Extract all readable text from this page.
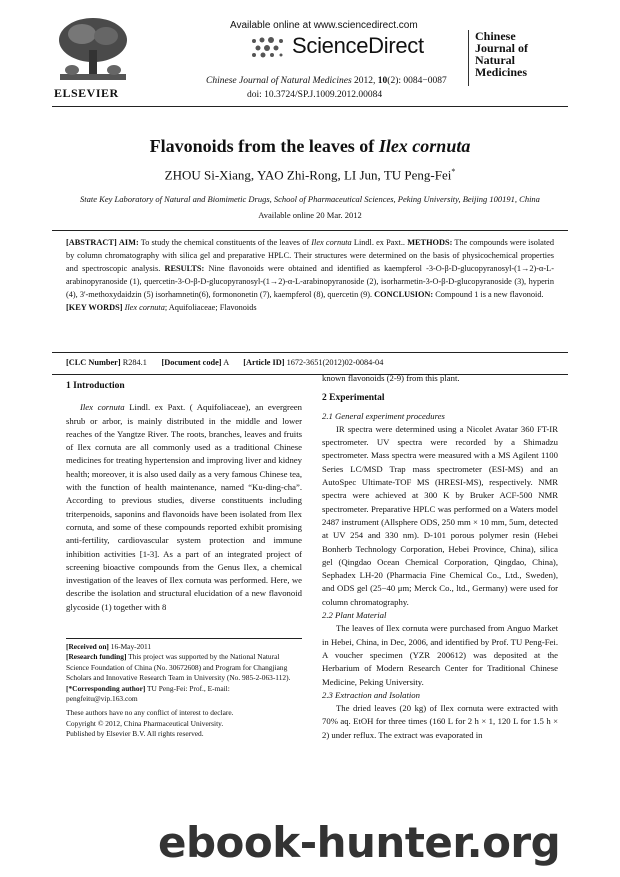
ELSEVIER
Available online at www.sciencedirect.com
ScienceDirect
Chinese Journal of Natural Medicines 2012, 10(2): 0084−0087
doi: 10.3724/SP.J.1009.2012.00084
Chinese
Journal of
Natural
Medicines
Flavonoids from the leaves of Ilex cornuta
ZHOU Si-Xiang, YAO Zhi-Rong, LI Jun, TU Peng-Fei*
State Key Laboratory of Natural and Biomimetic Drugs, School of Pharmaceutical Sciences, Peking University, Beijing 100191, China
Available online 20 Mar. 2012
[ABSTRACT] AIM: To study the chemical constituents of the leaves of Ilex cornuta Lindl. ex Paxt.. METHODS: The compounds were isolated by column chromatography with silica gel and preparative HPLC. Their structures were determined on the basis of physicochemical properties and spectroscopic analysis. RESULTS: Nine flavonoids were obtained and identified as kaempferol -3-O-β-D-glucopyranosyl-(1→2)-α-L-arabinopyranoside (1), quercetin-3-O-β-D-glucopyranosyl-(1→2)-α-L-arabinopyranoside (2), isorharmetin-3-O-β-D-glucopyranoside (3), hyperin (4), 3'-methoxydaidzin (5) isorhamnetin(6), formononetin (7), kaempferol (8), quercetin (9). CONCLUSION: Compound 1 is a new flavonoid.
[KEY WORDS] Ilex cornuta; Aquifoliaceae; Flavonoids
[CLC Number] R284.1 [Document code] A [Article ID] 1672-3651(2012)02-0084-04
1 Introduction

Ilex cornuta Lindl. ex Paxt. ( Aquifoliaceae), an evergreen shrub or arbor, is mainly distributed in the middle and lower reaches of the Yangtze River. The roots, branches, leaves and fruits of Ilex cornuta are all commonly used as a traditional Chinese medicines for treating hypertension and improving liver and kidney health; moreover, it is also used daily as a very famous Chinese tea, with the function of health maintenance, named “Ku-ding-cha”. According to previous studies, diverse constituents including triterpenoids, saponins and flavonoids have been isolated from Ilex cornuta, and some of these compounds reported exhibit promising anti-fertility, cardiovascular system protection and immune inhibition activities [1-3]. As a part of an integrated project of screening bioactive compounds from the Genus Ilex, a chemical investigation of the leaves of Ilex cornuta was performed. Here, we describe the isolation and structural elucidation of a new flavonoid glycoside (1) together with 8

[Received on] 16-May-2011
[Research funding] This project was supported by the National Natural Science Foundation of China (No. 30672608) and Program for Changjiang Scholars and Innovative Research Team in University (No. 985-2-063-112).
[*Corresponding author] TU Peng-Fei: Prof., E-mail: pengfeitu@vip.163.com
These authors have no any conflict of interest to declare.
Copyright © 2012, China Pharmaceutical University.
Published by Elsevier B.V. All rights reserved.
known flavonoids (2-9) from this plant.
2 Experimental
2.1 General experiment procedures

IR spectra were determined using a Nicolet Avatar 360 FT-IR spectrometer. UV spectra were recorded by a Shimadzu spectrometer. Mass spectra were measured with a MS Agilent 1100 Series LC/MSD Trap mass spectrometer (ESI-MS) and an AutoSpec Ultimate-TOF MS (HRESI-MS), respectively. NMR spectra were achieved at 300 K by Bruker ACF-500 NMR spectrometer. Preparative HPLC was performed on a Waters model 2487 instrument (Allsphere ODS, 250 mm × 10 mm, 5um, detected at UV 254 and 330 nm). D-101 porous polymer resin (Hebei Bonherb Technology Corporation, Hebei Province, China), silica gel (Qingdao Ocean Chemical Corporation, Qingdao, China), Sephadex LH-20 (Pharmacia Fine Chemical Co., Ltd., Sweden), and ODS gel (25−40 μm; Merck Co., ltd., Germany) were used for column chromatography.

2.2 Plant Material

The leaves of Ilex cornuta were purchased from Anguo Market in Hebei, China, in Dec, 2006, and identified by Prof. TU Peng-Fei. A voucher specimen (YZR 200612) was deposited at the Herbarium of Modern Research Center for Traditional Chinese Medicine, Peking University.

2.3 Extraction and Isolation

The dried leaves (20 kg) of Ilex cornuta were extracted with 70% aq. EtOH for three times (160 L for 2 h × 1, 120 L for 1.5 h × 2) under reflux. The extract was evaporated in

ebook-hunter.org
